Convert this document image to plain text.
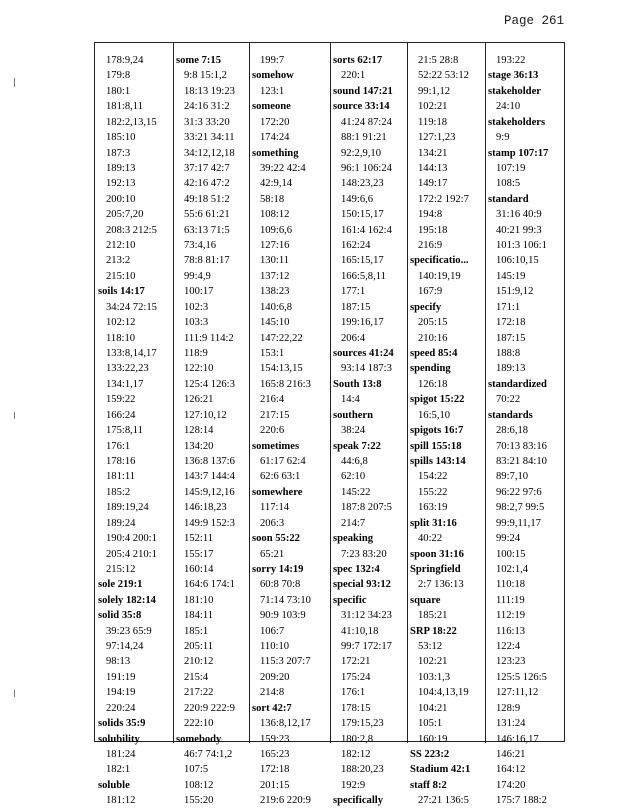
Page 261
178:9,24
179:8
180:1
181:8,11
182:2,13,15
185:10
187:3
189:13
192:13
200:10
205:7,20
208:3 212:5
212:10
213:2
215:10
soils 14:17
34:24 72:15
102:12
118:10
133:8,14,17
133:22,23
134:1,17
159:22
166:24
175:8,11
176:1
178:16
181:11
185:2
189:19,24
189:24
190:4 200:1
205:4 210:1
215:12
sole 219:1
solely 182:14
solid 35:8
39:23 65:9
97:14,24
98:13
191:19
194:19
220:24
solids 35:9
solubility
181:24
182:1
soluble
181:12
some 7:15
9:8 15:1,2
18:13 19:23
24:16 31:2
31:3 33:20
33:21 34:11
34:12,12,18
37:17 42:7
42:16 47:2
49:18 51:2
55:6 61:21
63:13 71:5
73:4,16
78:8 81:17
99:4,9
100:17
102:3
103:3
111:9 114:2
118:9
122:10
125:4 126:3
126:21
127:10,12
128:14
134:20
136:8 137:6
143:7 144:4
145:9,12,16
146:18,23
149:9 152:3
152:11
155:17
160:14
164:6 174:1
181:10
184:11
185:1
205:11
210:12
215:4
217:22
220:9 222:9
222:10
somebody
46:7 74:1,2
107:5
108:12
155:20
199:7
somehow
123:1
someone
172:20
174:24
something
39:22 42:4
42:9,14
58:18
108:12
109:6,6
127:16
130:11
137:12
138:23
140:6,8
145:10
147:22,22
153:1
154:13,15
165:8 216:3
216:4
217:15
220:6
sometimes
61:17 62:4
62:6 63:1
somewhere
117:14
206:3
soon 55:22
65:21
sorry 14:19
60:8 70:8
71:14 73:10
90:9 103:9
106:7
110:10
115:3 207:7
209:20
214:8
sort 42:7
136:8,12,17
159:23
165:23
172:18
201:15
219:6 220:9
sorts 62:17
220:1
sound 147:21
source 33:14
41:24 87:24
88:1 91:21
92:2,9,10
96:1 106:24
148:23,23
149:6,6
150:15,17
161:4 162:4
162:24
165:15,17
166:5,8,11
177:1
187:15
199:16,17
206:4
sources 41:24
93:14 187:3
South 13:8
14:4
southern
38:24
speak 7:22
44:6,8
62:10
145:22
187:8 207:5
214:7
speaking
7:23 83:20
spec 132:4
special 93:12
specific
31:12 34:23
41:10,18
99:7 172:17
172:21
175:24
176:1
178:15
179:15,23
180:2,8
182:12
188:20,23
192:9
specifically
21:5 28:8
52:22 53:12
99:1,12
102:21
119:18
127:1,23
134:21
144:13
149:17
172:2 192:7
194:8
195:18
216:9
specificatio...
140:19,19
167:9
specify
205:15
210:16
speed 85:4
spending
126:18
spigot 15:22
16:5,10
spigots 16:7
spill 155:18
spills 143:14
154:22
155:22
163:19
split 31:16
40:22
spoon 31:16
Springfield
2:7 136:13
square
185:21
SRP 18:22
53:12
102:21
103:1,3
104:4,13,19
104:21
105:1
160:19
SS 223:2
Stadium 42:1
staff 8:2
27:21 136:5
193:22
stage 36:13
stakeholder
24:10
stakeholders
9:9
stamp 107:17
107:19
108:5
standard
31:16 40:9
40:21 99:3
101:3 106:1
106:10,15
145:19
151:9,12
171:1
172:18
187:15
188:8
189:13
standardized
70:22
standards
28:6,18
70:13 83:16
83:21 84:10
89:7,10
96:22 97:6
98:2,7 99:5
99:9,11,17
99:24
100:15
102:1,4
110:18
111:19
112:19
116:13
122:4
123:23
125:5 126:5
127:11,12
128:9
131:24
146:16,17
146:21
164:12
174:20
175:7 188:2
